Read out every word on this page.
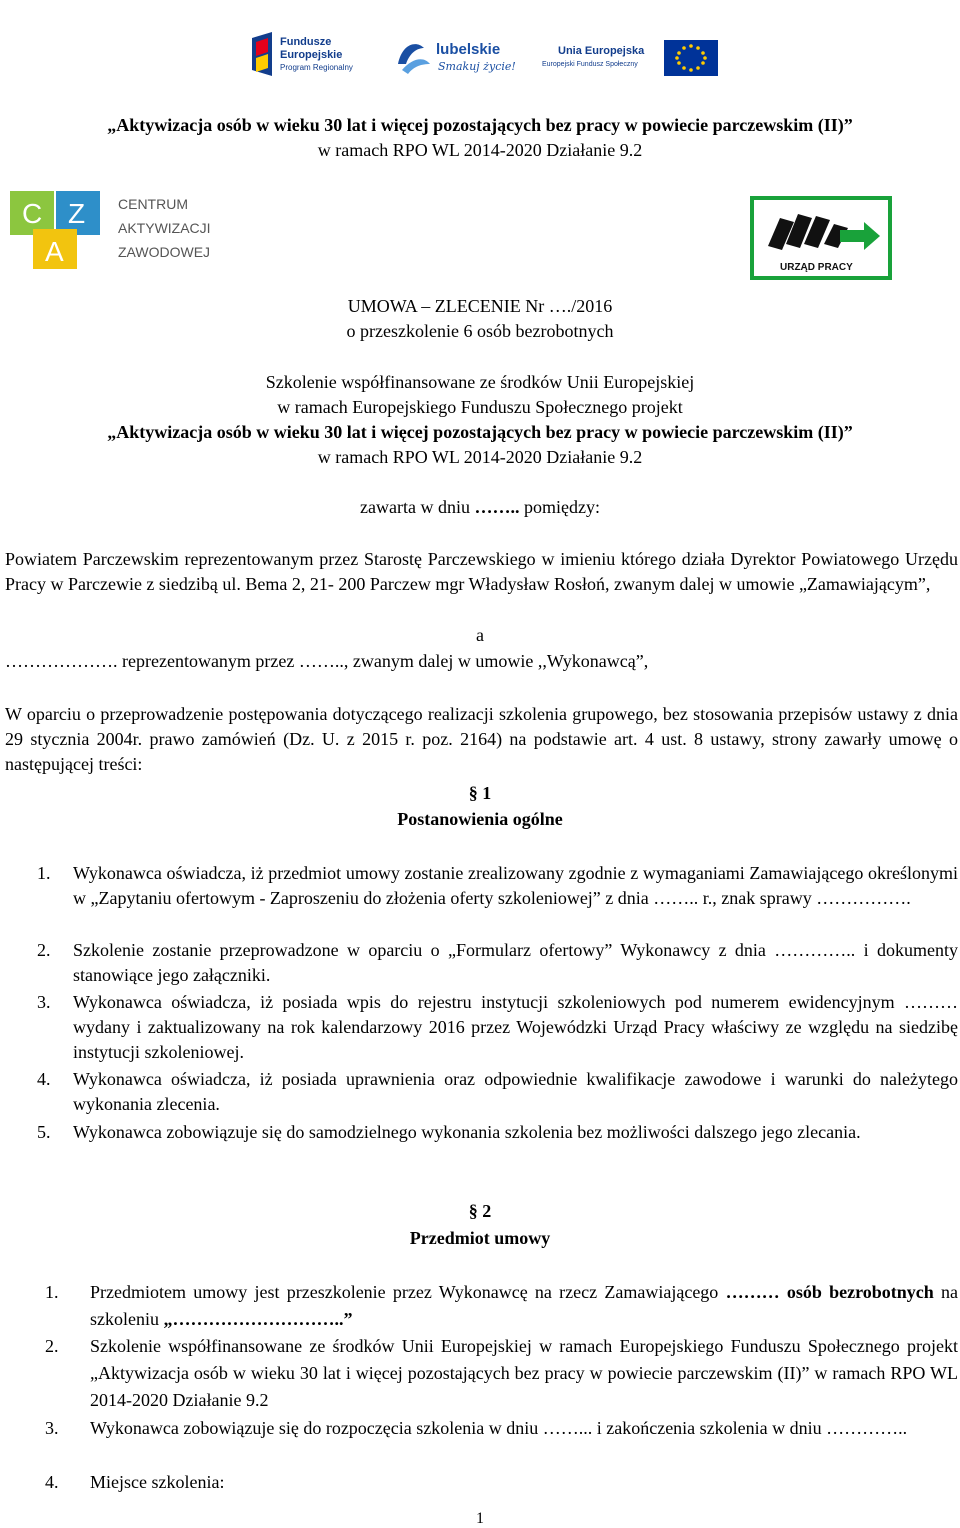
Fundusze
Europejskie
Program Regionalny
lubelskie
Smakuj życie!
Unia Europejska
Europejski Fundusz Społeczny
„Aktywizacja osób w wieku 30 lat i więcej pozostających bez pracy w powiecie parczewskim (II)”
w ramach RPO WL 2014-2020 Działanie 9.2
C Z
A
CENTRUM
AKTYWIZACJI
ZAWODOWEJ
URZĄD PRACY
UMOWA – ZLECENIE Nr …./2016
o przeszkolenie 6 osób bezrobotnych
Szkolenie współfinansowane ze środków Unii Europejskiej
w ramach Europejskiego Funduszu Społecznego projekt
„Aktywizacja osób w wieku 30 lat i więcej pozostających bez pracy w powiecie parczewskim (II)”
w ramach RPO WL 2014-2020 Działanie 9.2
zawarta w dniu …….. pomiędzy:
Powiatem Parczewskim reprezentowanym przez Starostę Parczewskiego w imieniu którego działa Dyrektor Powiatowego Urzędu Pracy w Parczewie z siedzibą ul. Bema 2, 21- 200 Parczew mgr Władysław Rosłoń, zwanym dalej w umowie „Zamawiającym”,
a
………………. reprezentowanym przez …….., zwanym dalej w umowie ,,Wykonawcą”,
W oparciu o przeprowadzenie postępowania dotyczącego realizacji szkolenia grupowego, bez stosowania przepisów ustawy z dnia 29 stycznia 2004r. prawo zamówień (Dz. U. z 2015 r. poz. 2164) na podstawie art. 4 ust. 8 ustawy, strony zawarły umowę o następującej treści:
§ 1
Postanowienia ogólne
1. Wykonawca oświadcza, iż przedmiot umowy zostanie zrealizowany zgodnie z wymaganiami Zamawiającego określonymi w „Zapytaniu ofertowym - Zaproszeniu do złożenia oferty szkoleniowej” z dnia …….. r., znak sprawy …………….
2. Szkolenie zostanie przeprowadzone w oparciu o „Formularz ofertowy” Wykonawcy z dnia ………….. i dokumenty stanowiące jego załączniki.
3. Wykonawca oświadcza, iż posiada wpis do rejestru instytucji szkoleniowych pod numerem ewidencyjnym ……… wydany i zaktualizowany na rok kalendarzowy 2016 przez Wojewódzki Urząd Pracy właściwy ze względu na siedzibę instytucji szkoleniowej.
4. Wykonawca oświadcza, iż posiada uprawnienia oraz odpowiednie kwalifikacje zawodowe i warunki do należytego wykonania zlecenia.
5. Wykonawca zobowiązuje się do samodzielnego wykonania szkolenia bez możliwości dalszego jego zlecania.
§ 2
Przedmiot umowy
1. Przedmiotem umowy jest przeszkolenie przez Wykonawcę na rzecz Zamawiającego ……… osób bezrobotnych na szkoleniu „………………………..”
2. Szkolenie współfinansowane ze środków Unii Europejskiej w ramach Europejskiego Funduszu Społecznego projekt „Aktywizacja osób w wieku 30 lat i więcej pozostających bez pracy w powiecie parczewskim (II)” w ramach RPO WL 2014-2020 Działanie 9.2
3. Wykonawca zobowiązuje się do rozpoczęcia szkolenia w dniu ……... i zakończenia szkolenia w dniu …………..
4. Miejsce szkolenia:
1
